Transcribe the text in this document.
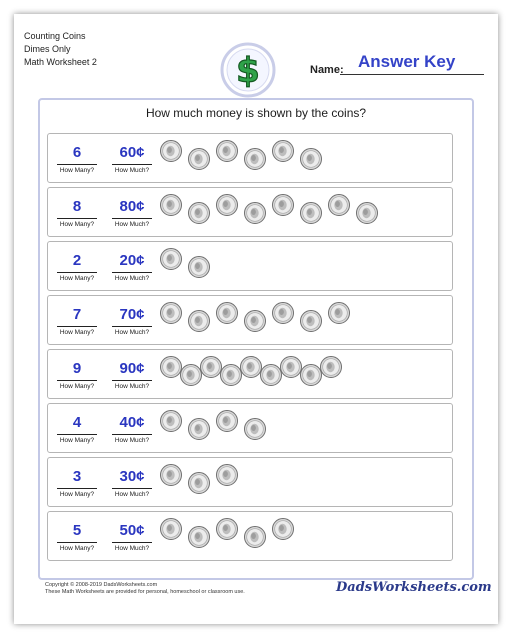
Counting Coins
Dimes Only
Math Worksheet 2	$	Name: Answer Key
How much money is shown by the coins?
6
How Many?
60¢
How Much?
8
How Many?
80¢
How Much?
2
How Many?
20¢
How Much?
7
How Many?
70¢
How Much?
9
How Many?
90¢
How Much?
4
How Many?
40¢
How Much?
3
How Many?
30¢
How Much?
5
How Many?
50¢
How Much?
Copyright © 2008-2019 DadsWorksheets.com
These Math Worksheets are provided for personal, homeschool or classroom use.	DadsWorksheets.com
